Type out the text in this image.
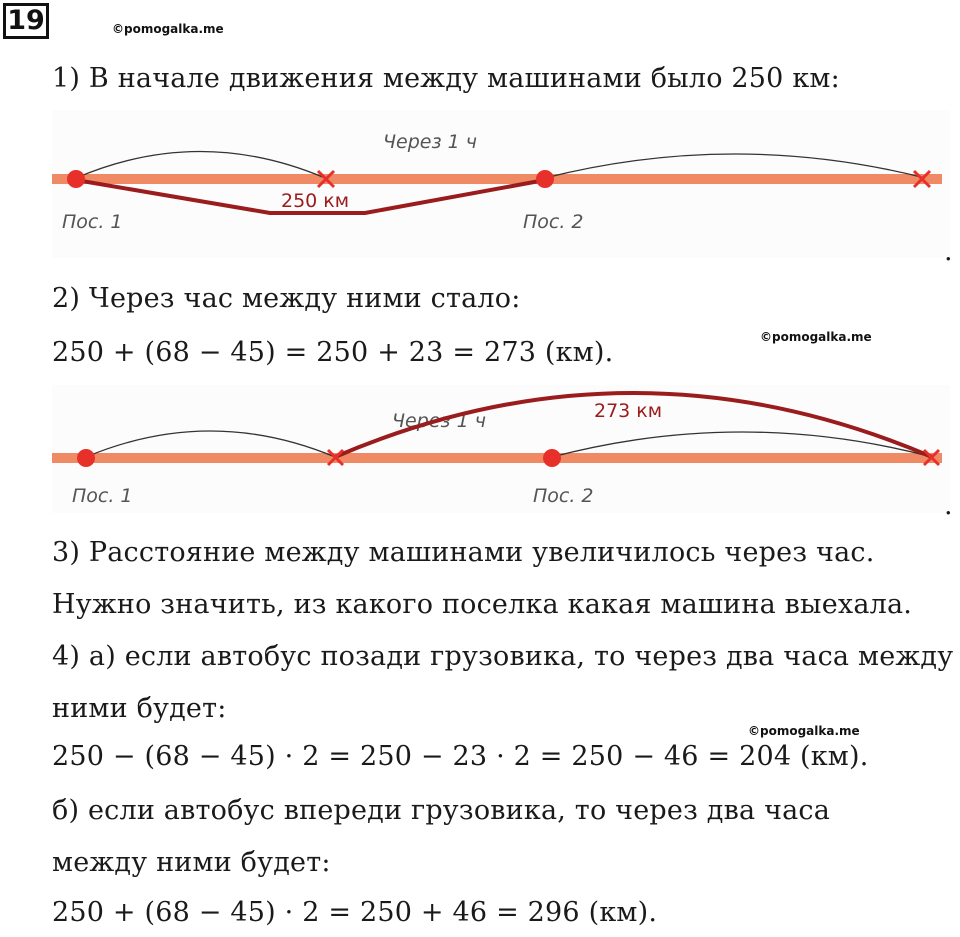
19	©pomogalka.me
1) В начале движения между машинами было 250 км:
Через 1 ч
250 км
Пос. 1	Пос. 2
.
2) Через час между ними стало:
©pomogalka.me
250 + (68 − 45) = 250 + 23 = 273 (км).
Через 1 ч	273 км
Пос. 1	Пос. 2	.
3) Расстояние между машинами увеличилось через час.
Нужно значить, из какого поселка какая машина выехала.
4) а) если автобус позади грузовика, то через два часа между
ними будет:
©pomogalka.me
250 − (68 − 45) · 2 = 250 − 23 · 2 = 250 − 46 = 204 (км).
б) если автобус впереди грузовика, то через два часа
между ними будет:
250 + (68 − 45) · 2 = 250 + 46 = 296 (км).
